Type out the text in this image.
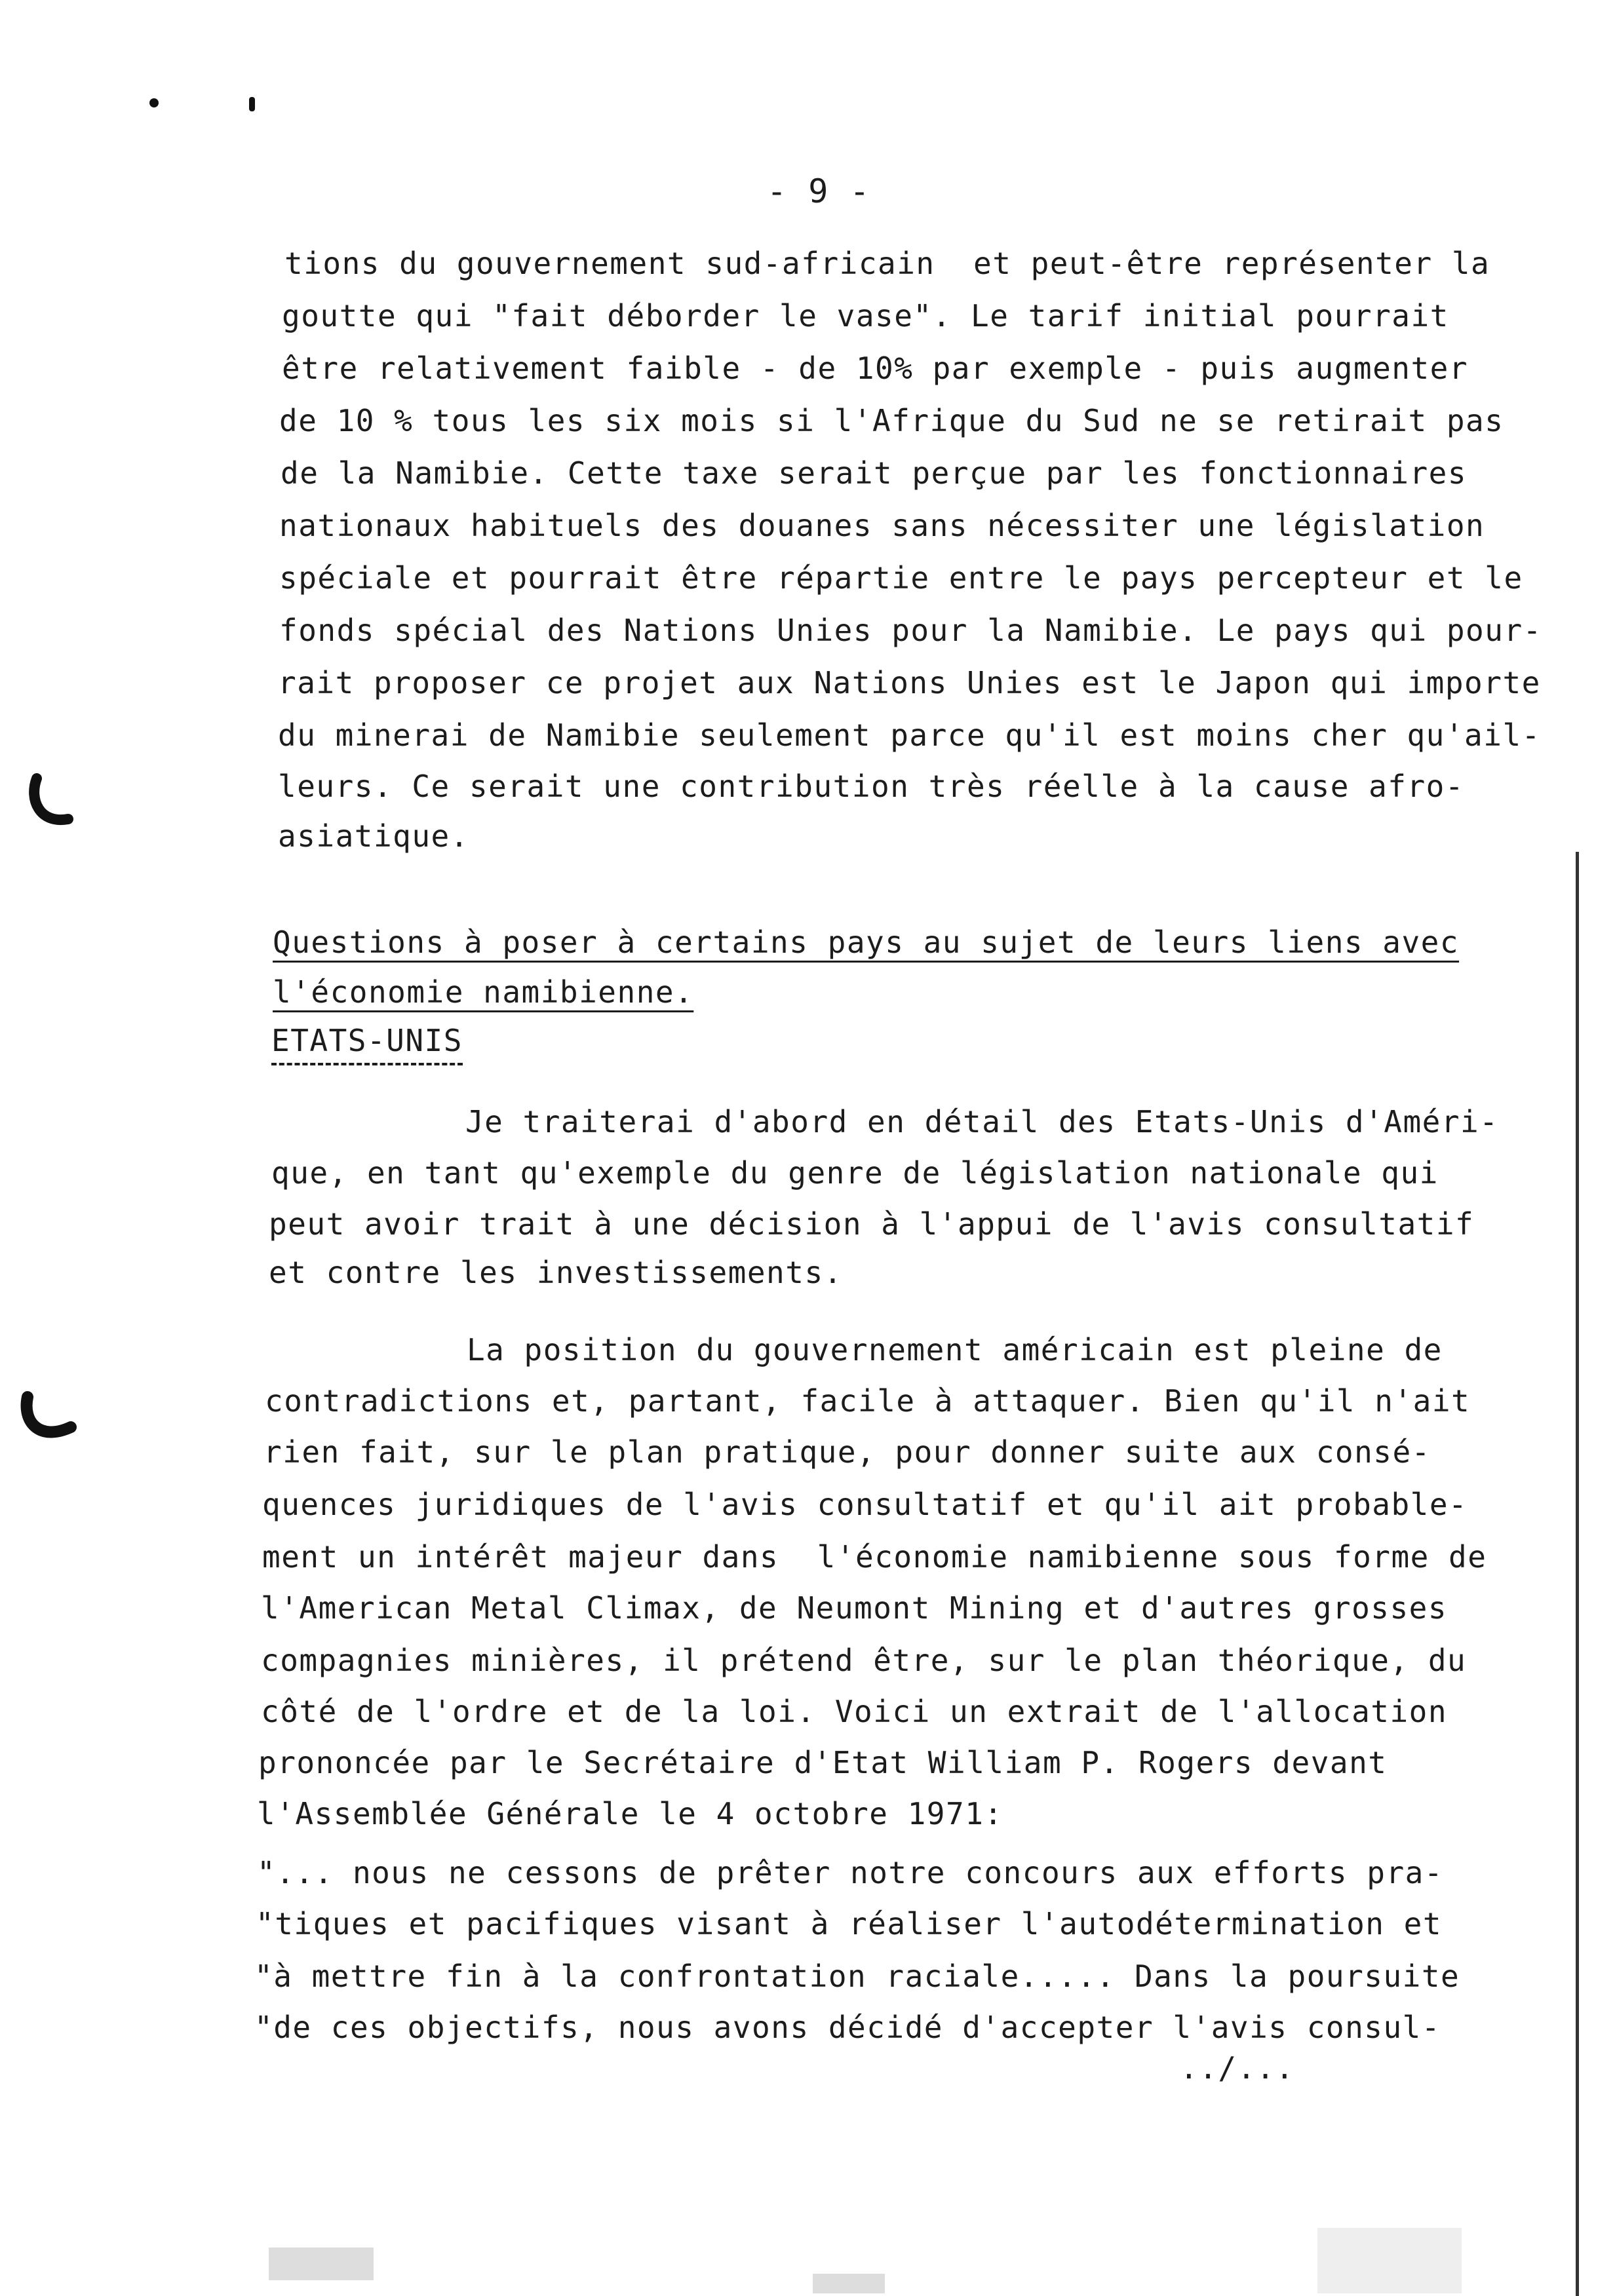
- 9 -
tions du gouvernement sud-africain  et peut-être représenter la
goutte qui "fait déborder le vase". Le tarif initial pourrait
être relativement faible - de 10% par exemple - puis augmenter
de 10 % tous les six mois si l'Afrique du Sud ne se retirait pas
de la Namibie. Cette taxe serait perçue par les fonctionnaires
nationaux habituels des douanes sans nécessiter une législation
spéciale et pourrait être répartie entre le pays percepteur et le
fonds spécial des Nations Unies pour la Namibie. Le pays qui pour-
rait proposer ce projet aux Nations Unies est le Japon qui importe
du minerai de Namibie seulement parce qu'il est moins cher qu'ail-
leurs. Ce serait une contribution très réelle à la cause afro-
asiatique.
Questions à poser à certains pays au sujet de leurs liens avec
l'économie namibienne.
ETATS-UNIS
Je traiterai d'abord en détail des Etats-Unis d'Améri-
que, en tant qu'exemple du genre de législation nationale qui
peut avoir trait à une décision à l'appui de l'avis consultatif
et contre les investissements.
La position du gouvernement américain est pleine de
contradictions et, partant, facile à attaquer. Bien qu'il n'ait
rien fait, sur le plan pratique, pour donner suite aux consé-
quences juridiques de l'avis consultatif et qu'il ait probable-
ment un intérêt majeur dans  l'économie namibienne sous forme de
l'American Metal Climax, de Neumont Mining et d'autres grosses
compagnies minières, il prétend être, sur le plan théorique, du
côté de l'ordre et de la loi. Voici un extrait de l'allocation
prononcée par le Secrétaire d'Etat William P. Rogers devant
l'Assemblée Générale le 4 octobre 1971:
"... nous ne cessons de prêter notre concours aux efforts pra-
"tiques et pacifiques visant à réaliser l'autodétermination et
"à mettre fin à la confrontation raciale..... Dans la poursuite
"de ces objectifs, nous avons décidé d'accepter l'avis consul-
../...
